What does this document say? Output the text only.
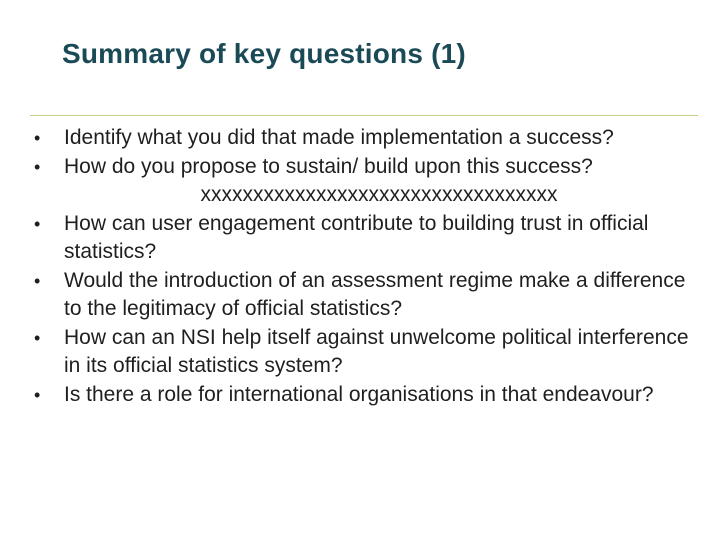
Summary of key questions (1)
•	Identify what you did that made implementation a success?
•	How do you propose to sustain/ build upon this success?
xxxxxxxxxxxxxxxxxxxxxxxxxxxxxxxxxx
•	How can user engagement contribute to building trust in official statistics?
•	Would the introduction of an assessment regime make a difference to the legitimacy of official statistics?
•	How can an NSI help itself against unwelcome political interference in its official statistics system?
•	Is there a role for international organisations in that endeavour?
